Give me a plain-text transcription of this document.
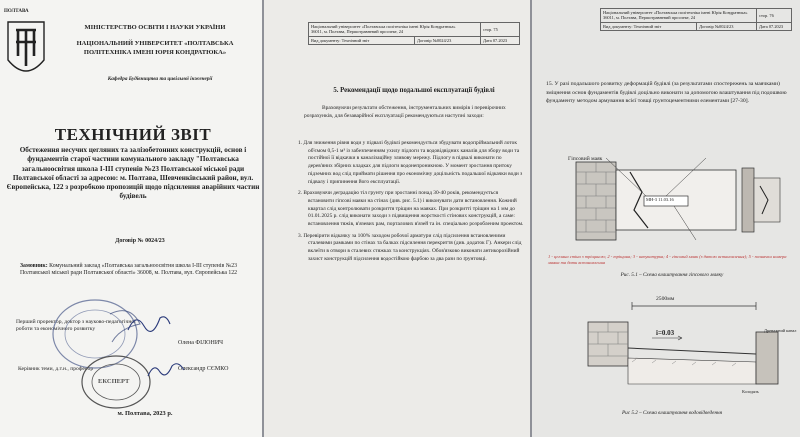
ПОЛТАВА
МІНІСТЕРСТВО ОСВІТИ І НАУКИ УКРАЇНИ
НАЦІОНАЛЬНИЙ УНІВЕРСИТЕТ «ПОЛТАВСЬКА ПОЛІТЕХНІКА ІМЕНІ ЮРІЯ КОНДРАТЮКА»
Кафедра Будівництва та цивільної інженерії
ТЕХНІЧНИЙ ЗВІТ
Обстеження несучих цегляних та залізобетонних конструкцій, основ і фундаментів старої частини комунального закладу "Полтавська загальноосвітня школа І-ІІІ ступенів №23 Полтавської міської ради Полтавської області за адресою: м. Полтава, Шевченківський район, вул. Європейська, 122 з розробкою пропозицій щодо підсилення аварійних частин будівель
Договір № 0024/23
Замовник: Комунальний заклад «Полтавська загальноосвітня школа І-ІІІ ступенів №23 Полтавської міської ради Полтавської області» 36008, м. Полтава, вул. Європейська 122
Перший проректор, доктор з науково-педагогічної роботи та економічного розвитку
Олена ФІЛОНИЧ
Керівник теми, д.т.н., професор	Олександр СЄМКО
ЕКСПЕРТ
м. Полтава, 2023 р.
Національний університет «Полтавська політехніка імені Юрія Кондратюка»
36011, м. Полтава, Першотравневий проспект, 24		стор. 75
Вид документу: Технічний звіт	Договір №0024/23	Дата 07.2023
5. Рекомендації щодо подальшої експлуатації будівлі
Враховуючи результати обстеження, інструментальних вимірів і перевірочних розрахунків, для безаварійної експлуатації рекомендуються наступні заходи:
1. Для зниження рівня води у підвалі будівлі рекомендується збудувати водопріймальний лоток об'ємом 0,5-1 м³ із забезпеченням ухилу підлоги та водовідвідних каналів для збору води та постійної її відкачки в каналізаційну зливову мережу. Підлогу в підвалі виконати по дерев'яних збірних кладках для підлоги водонепроникною. У момент зростання притоку підземних вод слід приймати рішення про економічну доцільність подальшої відкачки води з підвалу і припинення його експлуатації.
2. Враховуючи деградацію тіл грунту при зростанні понад 30-40 років, рекомендується встановити гіпсові маяки на стінах (див. рис. 5.1) і виконувати дати встановлення. Кожний квартал слід контролювати розкриття тріщин на маяках. При розкритті тріщин на 1 мм до 01.01.2025 р. слід виконати заходи з підвищення жорсткості стінових конструкцій, а саме: встановлення тяжів, в'язевих рам, порталових в'язей та ін. спеціально розробленим проектом.
3. Перевірити відкачку за 100% заходом робочої арматури слід підсилення встановленими сталевими рамками по стінах та балках підсилення перекриття (див. додаток Г). Анкери слід вклеїти в отвори в сталевих стяжках та конструкціях. Обов'язково виконати антикорозійний захист конструкцій підсилення водостійкою фарбою за два рази по ґрунтовці.
Національний університет «Полтавська політехніка імені Юрія Кондратюка»
36011, м. Полтава, Першотравневий проспект, 24		стор. 76
Вид документу: Технічний звіт	Договір №0024/23	Дата 07.2023
15. У разі подальшого розвитку деформацій будівлі (за результатами спостережень за маячками) зміцнення основ фундаментів будівлі доцільно виконати за допомогою влаштування під подошвою фундаменту методом армування всієї товщі ґрунтоцементними елементами [27-30].
Гіпсовий маяк
МН-3 11.03.16
1 - цегляна стіна з тріщиною; 2 - тріщина; 3 - штукатурка; 4 - гіпсовий маяк (з датою встановлення); 5 - позначки номера маяка та дати встановлення
Рис. 5.1 – Схема влаштування гіпсового маяку
2500мм
i=0.03	Дренажний канал
Колодязь
Рис 5.2 – Схема влаштування водовідведення
